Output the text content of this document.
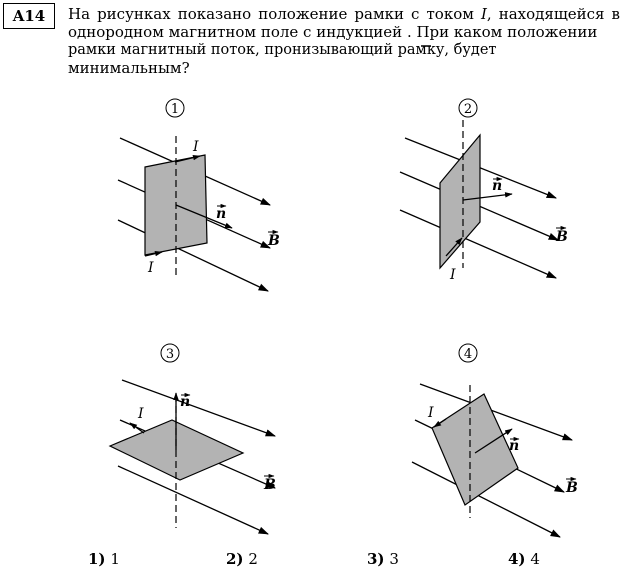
A14	На рисунках показано положение рамки с током I, находящейся в
однородном магнитном поле с индукцией . При каком положении
рамки магнитный поток, пронизывающий рамку, будет
минимальным?
1
I
I
n
B
2
I
n
B
3
I
n
B
4
I
n
B
1) 1	2) 2	3) 3	4) 4
